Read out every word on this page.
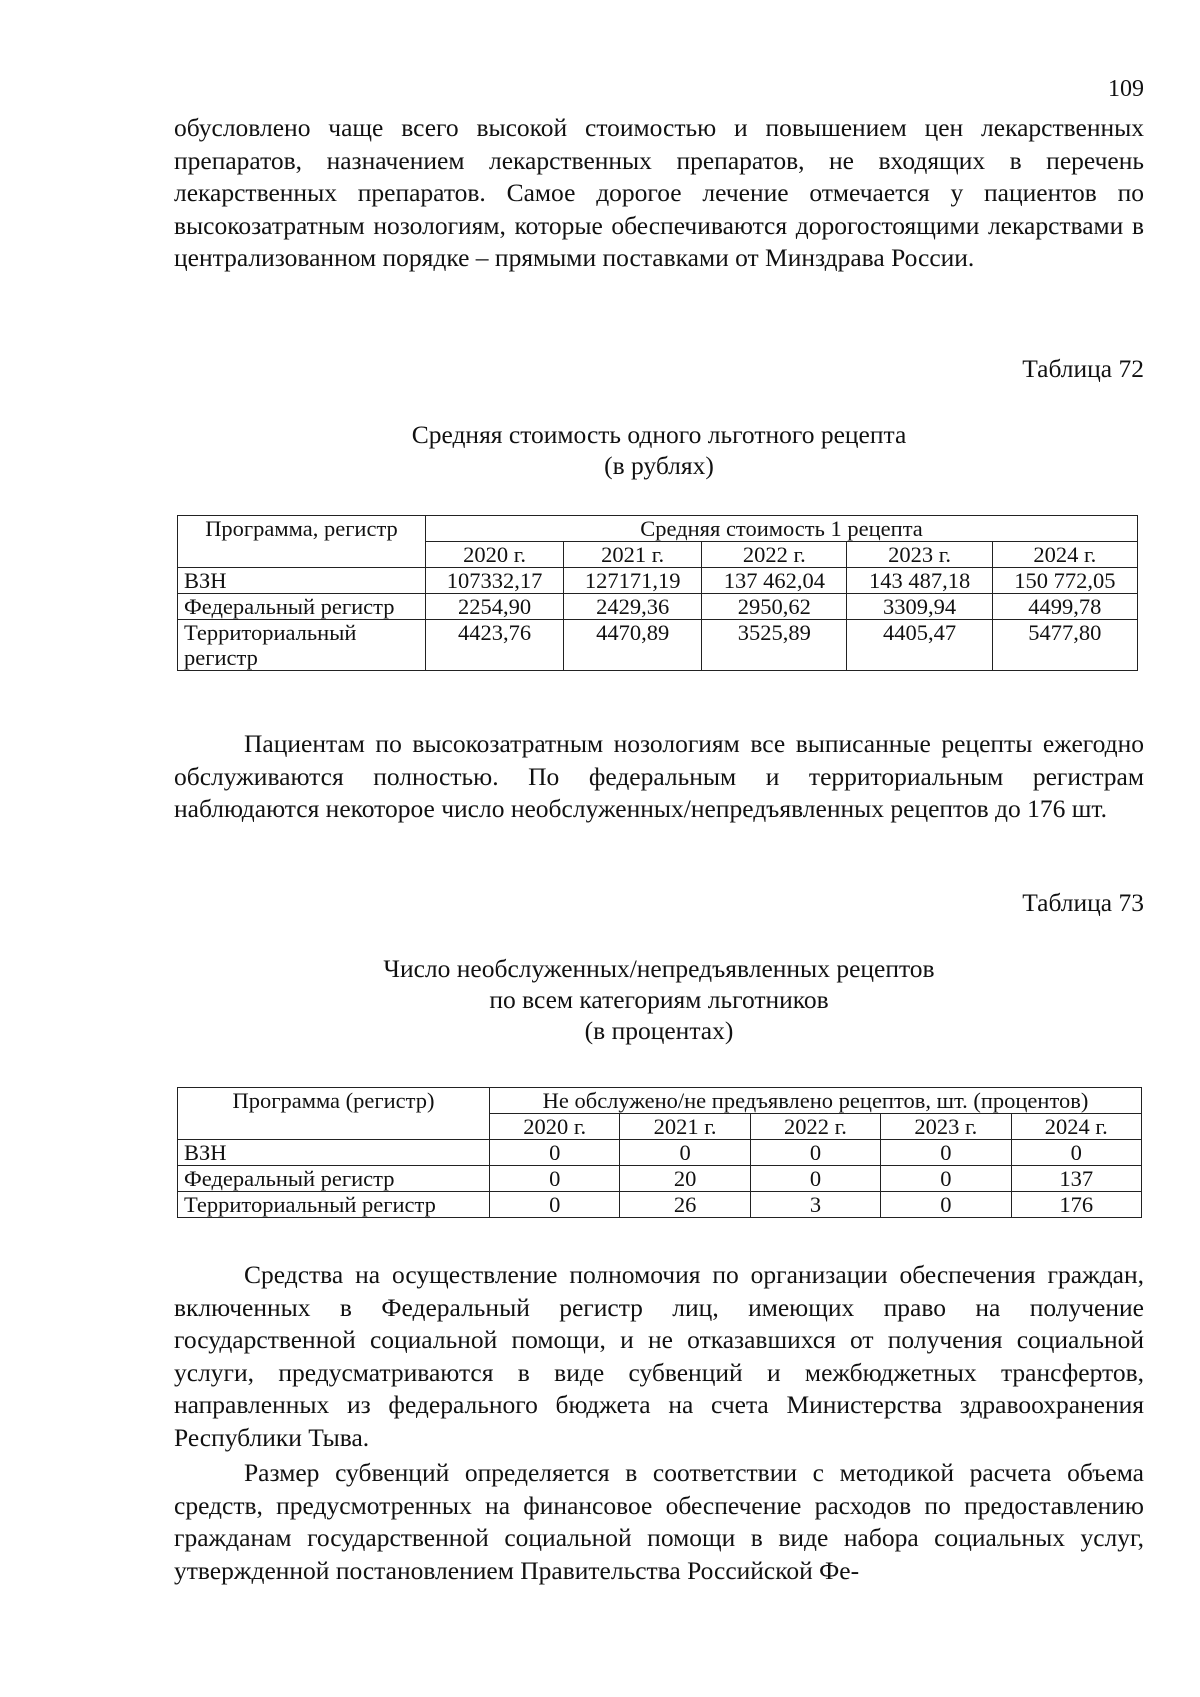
109
обусловлено чаще всего высокой стоимостью и повышением цен лекарственных препаратов, назначением лекарственных препаратов, не входящих в перечень лекарственных препаратов. Самое дорогое лечение отмечается у пациентов по высокозатратным нозологиям, которые обеспечиваются дорогостоящими лекарствами в централизованном порядке – прямыми поставками от Минздрава России.
Таблица 72
Средняя стоимость одного льготного рецепта
(в рублях)
Программа, регистр	Средняя стоимость 1 рецепта				
	2020 г.	2021 г.	2022 г.	2023 г.	2024 г.
ВЗН	107332,17	127171,19	137 462,04	143 487,18	150 772,05
Федеральный регистр	2254,90	2429,36	2950,62	3309,94	4499,78
Территориальный регистр	4423,76	4470,89	3525,89	4405,47	5477,80
Пациентам по высокозатратным нозологиям все выписанные рецепты ежегодно обслуживаются полностью. По федеральным и территориальным регистрам наблюдаются некоторое число необслуженных/непредъявленных рецептов до 176 шт.
Таблица 73
Число необслуженных/непредъявленных рецептов
по всем категориям льготников
(в процентах)
Программа (регистр)	Не обслужено/не предъявлено рецептов, шт. (процентов)				
	2020 г.	2021 г.	2022 г.	2023 г.	2024 г.
ВЗН	0	0	0	0	0
Федеральный регистр	0	20	0	0	137
Территориальный регистр	0	26	3	0	176
Средства на осуществление полномочия по организации обеспечения граждан, включенных в Федеральный регистр лиц, имеющих право на получение государственной социальной помощи, и не отказавшихся от получения социальной услуги, предусматриваются в виде субвенций и межбюджетных трансфертов, направленных из федерального бюджета на счета Министерства здравоохранения Республики Тыва.
Размер субвенций определяется в соответствии с методикой расчета объема средств, предусмотренных на финансовое обеспечение расходов по предоставлению гражданам государственной социальной помощи в виде набора социальных услуг, утвержденной постановлением Правительства Российской Фе-
